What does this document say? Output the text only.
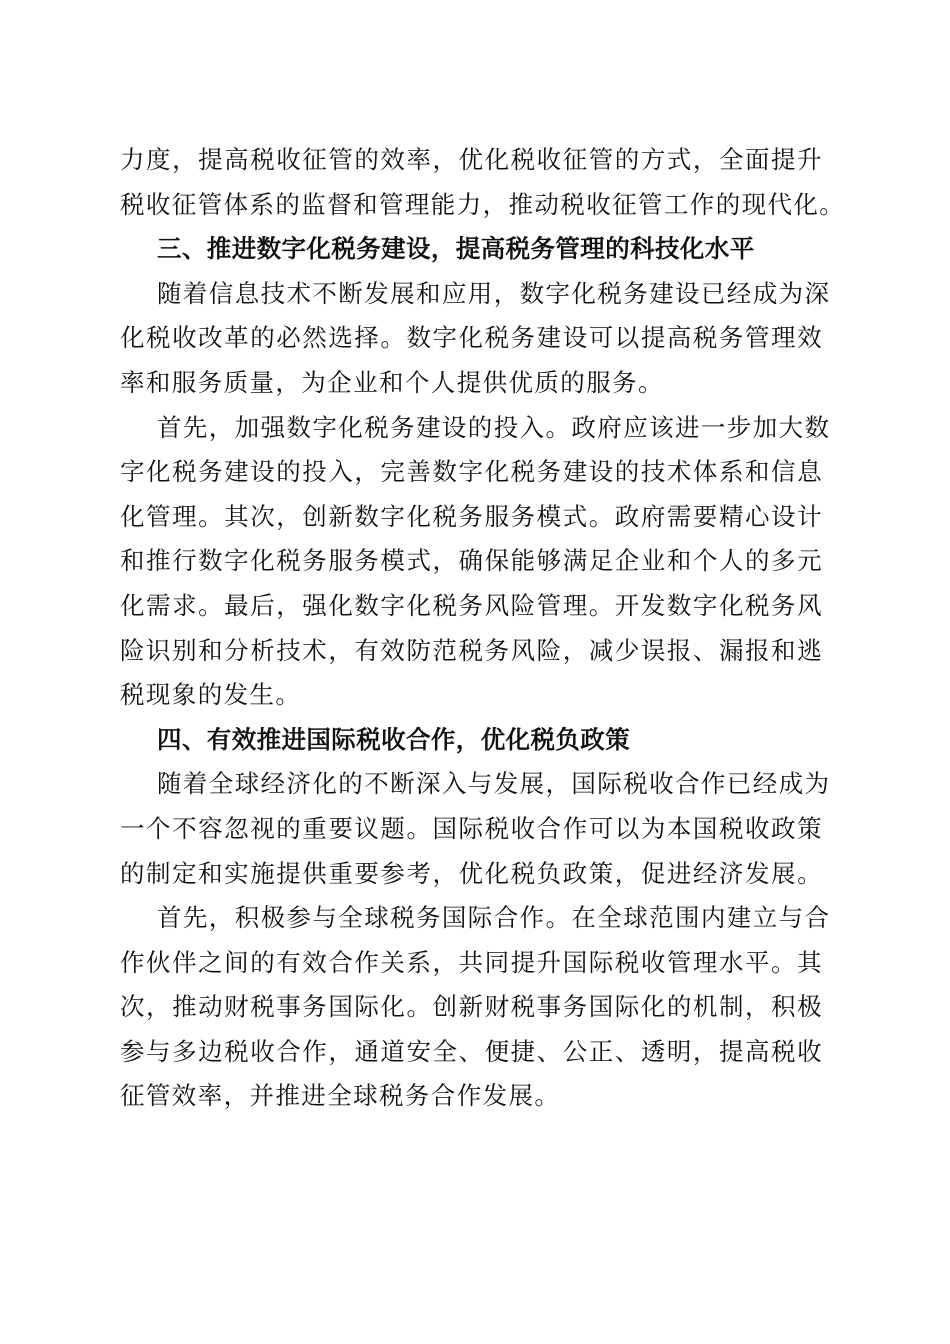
力度，提高税收征管的效率，优化税收征管的方式，全面提升
税收征管体系的监督和管理能力，推动税收征管工作的现代化。
三、推进数字化税务建设，提高税务管理的科技化水平
随着信息技术不断发展和应用，数字化税务建设已经成为深
化税收改革的必然选择。数字化税务建设可以提高税务管理效
率和服务质量，为企业和个人提供优质的服务。
首先，加强数字化税务建设的投入。政府应该进一步加大数
字化税务建设的投入，完善数字化税务建设的技术体系和信息
化管理。其次，创新数字化税务服务模式。政府需要精心设计
和推行数字化税务服务模式，确保能够满足企业和个人的多元
化需求。最后，强化数字化税务风险管理。开发数字化税务风
险识别和分析技术，有效防范税务风险，减少误报、漏报和逃
税现象的发生。
四、有效推进国际税收合作，优化税负政策
随着全球经济化的不断深入与发展，国际税收合作已经成为
一个不容忽视的重要议题。国际税收合作可以为本国税收政策
的制定和实施提供重要参考，优化税负政策，促进经济发展。
首先，积极参与全球税务国际合作。在全球范围内建立与合
作伙伴之间的有效合作关系，共同提升国际税收管理水平。其
次，推动财税事务国际化。创新财税事务国际化的机制，积极
参与多边税收合作，通道安全、便捷、公正、透明，提高税收
征管效率，并推进全球税务合作发展。
